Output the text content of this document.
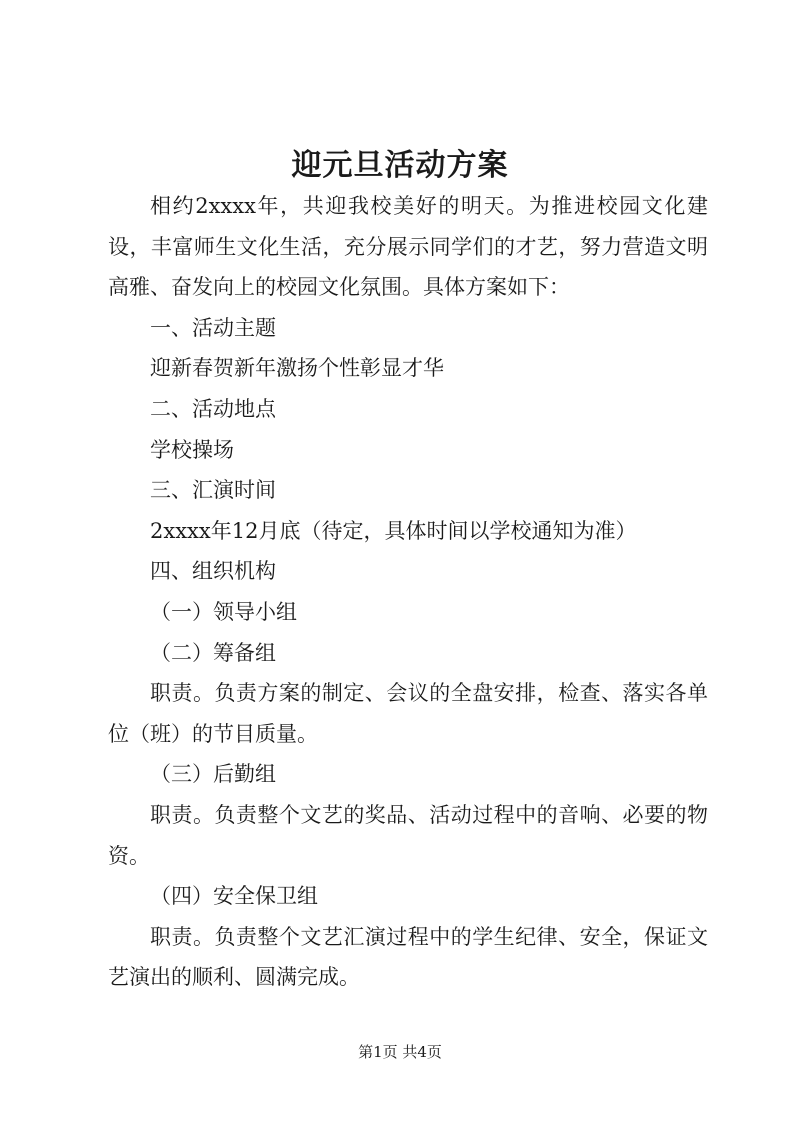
迎元旦活动方案

相约2xxxx年，共迎我校美好的明天。为推进校园文化建设，丰富师生文化生活，充分展示同学们的才艺，努力营造文明高雅、奋发向上的校园文化氛围。具体方案如下：

一、活动主题

迎新春贺新年激扬个性彰显才华

二、活动地点

学校操场

三、汇演时间

2xxxx年12月底（待定，具体时间以学校通知为准）

四、组织机构

（一）领导小组

（二）筹备组

职责。负责方案的制定、会议的全盘安排，检查、落实各单位（班）的节目质量。

（三）后勤组

职责。负责整个文艺的奖品、活动过程中的音响、必要的物资。

（四）安全保卫组

职责。负责整个文艺汇演过程中的学生纪律、安全，保证文艺演出的顺利、圆满完成。

第1页 共4页
